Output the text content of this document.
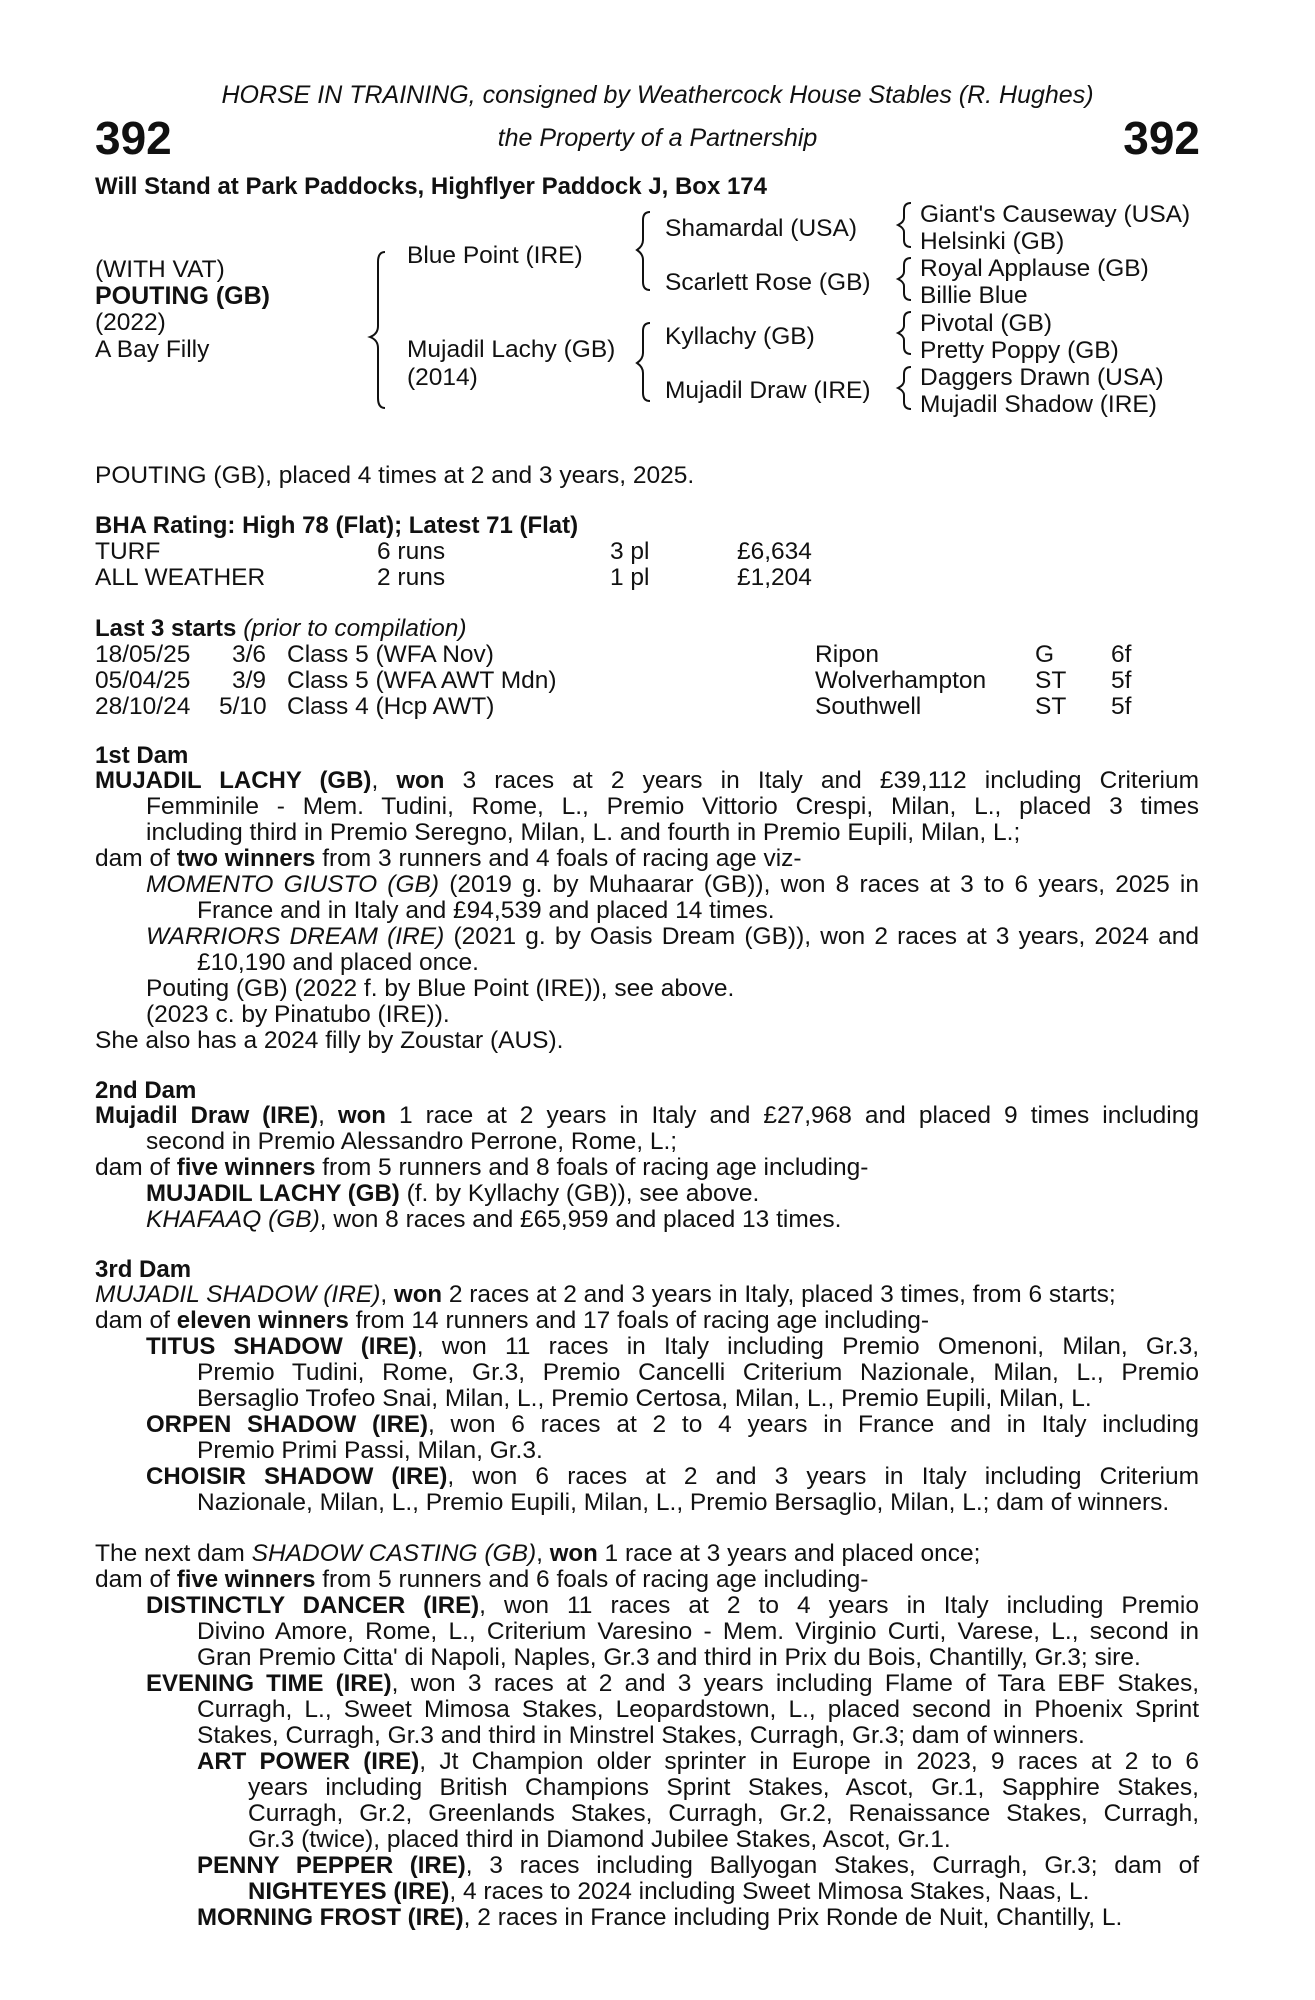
HORSE IN TRAINING, consigned by Weathercock House Stables (R. Hughes)
392	the Property of a Partnership	392
Will Stand at Park Paddocks, Highflyer Paddock J, Box 174
(WITH VAT)
POUTING (GB)
(2022)
A Bay Filly
Blue Point (IRE)
Mujadil Lachy (GB)
(2014)
Shamardal (USA)
Scarlett Rose (GB)
Kyllachy (GB)
Mujadil Draw (IRE)
Giant's Causeway (USA)
Helsinki (GB)
Royal Applause (GB)
Billie Blue
Pivotal (GB)
Pretty Poppy (GB)
Daggers Drawn (USA)
Mujadil Shadow (IRE)
POUTING (GB), placed 4 times at 2 and 3 years, 2025.
BHA Rating: High 78 (Flat); Latest 71 (Flat)
TURF	6 runs	3 pl	£6,634
ALL WEATHER	2 runs	1 pl	£1,204
Last 3 starts (prior to compilation)
18/05/25 3/6 Class 5 (WFA Nov)	Ripon	G 6f
05/04/25 3/9 Class 5 (WFA AWT Mdn)	Wolverhampton ST 5f
28/10/24 5/10 Class 4 (Hcp AWT)	Southwell	ST 5f
1st Dam
MUJADIL LACHY (GB), won 3 races at 2 years in Italy and £39,112 including Criterium
Femminile - Mem. Tudini, Rome, L., Premio Vittorio Crespi, Milan, L., placed 3 times
including third in Premio Seregno, Milan, L. and fourth in Premio Eupili, Milan, L.;
dam of two winners from 3 runners and 4 foals of racing age viz-
MOMENTO GIUSTO (GB) (2019 g. by Muhaarar (GB)), won 8 races at 3 to 6 years, 2025 in
France and in Italy and £94,539 and placed 14 times.
WARRIORS DREAM (IRE) (2021 g. by Oasis Dream (GB)), won 2 races at 3 years, 2024 and
£10,190 and placed once.
Pouting (GB) (2022 f. by Blue Point (IRE)), see above.
(2023 c. by Pinatubo (IRE)).
She also has a 2024 filly by Zoustar (AUS).
2nd Dam
Mujadil Draw (IRE), won 1 race at 2 years in Italy and £27,968 and placed 9 times including
second in Premio Alessandro Perrone, Rome, L.;
dam of five winners from 5 runners and 8 foals of racing age including-
MUJADIL LACHY (GB) (f. by Kyllachy (GB)), see above.
KHAFAAQ (GB), won 8 races and £65,959 and placed 13 times.
3rd Dam
MUJADIL SHADOW (IRE), won 2 races at 2 and 3 years in Italy, placed 3 times, from 6 starts;
dam of eleven winners from 14 runners and 17 foals of racing age including-
TITUS SHADOW (IRE), won 11 races in Italy including Premio Omenoni, Milan, Gr.3,
Premio Tudini, Rome, Gr.3, Premio Cancelli Criterium Nazionale, Milan, L., Premio
Bersaglio Trofeo Snai, Milan, L., Premio Certosa, Milan, L., Premio Eupili, Milan, L.
ORPEN SHADOW (IRE), won 6 races at 2 to 4 years in France and in Italy including
Premio Primi Passi, Milan, Gr.3.
CHOISIR SHADOW (IRE), won 6 races at 2 and 3 years in Italy including Criterium
Nazionale, Milan, L., Premio Eupili, Milan, L., Premio Bersaglio, Milan, L.; dam of winners.
The next dam SHADOW CASTING (GB), won 1 race at 3 years and placed once;
dam of five winners from 5 runners and 6 foals of racing age including-
DISTINCTLY DANCER (IRE), won 11 races at 2 to 4 years in Italy including Premio
Divino Amore, Rome, L., Criterium Varesino - Mem. Virginio Curti, Varese, L., second in
Gran Premio Citta' di Napoli, Naples, Gr.3 and third in Prix du Bois, Chantilly, Gr.3; sire.
EVENING TIME (IRE), won 3 races at 2 and 3 years including Flame of Tara EBF Stakes,
Curragh, L., Sweet Mimosa Stakes, Leopardstown, L., placed second in Phoenix Sprint
Stakes, Curragh, Gr.3 and third in Minstrel Stakes, Curragh, Gr.3; dam of winners.
ART POWER (IRE), Jt Champion older sprinter in Europe in 2023, 9 races at 2 to 6
years including British Champions Sprint Stakes, Ascot, Gr.1, Sapphire Stakes,
Curragh, Gr.2, Greenlands Stakes, Curragh, Gr.2, Renaissance Stakes, Curragh,
Gr.3 (twice), placed third in Diamond Jubilee Stakes, Ascot, Gr.1.
PENNY PEPPER (IRE), 3 races including Ballyogan Stakes, Curragh, Gr.3; dam of
NIGHTEYES (IRE), 4 races to 2024 including Sweet Mimosa Stakes, Naas, L.
MORNING FROST (IRE), 2 races in France including Prix Ronde de Nuit, Chantilly, L.
